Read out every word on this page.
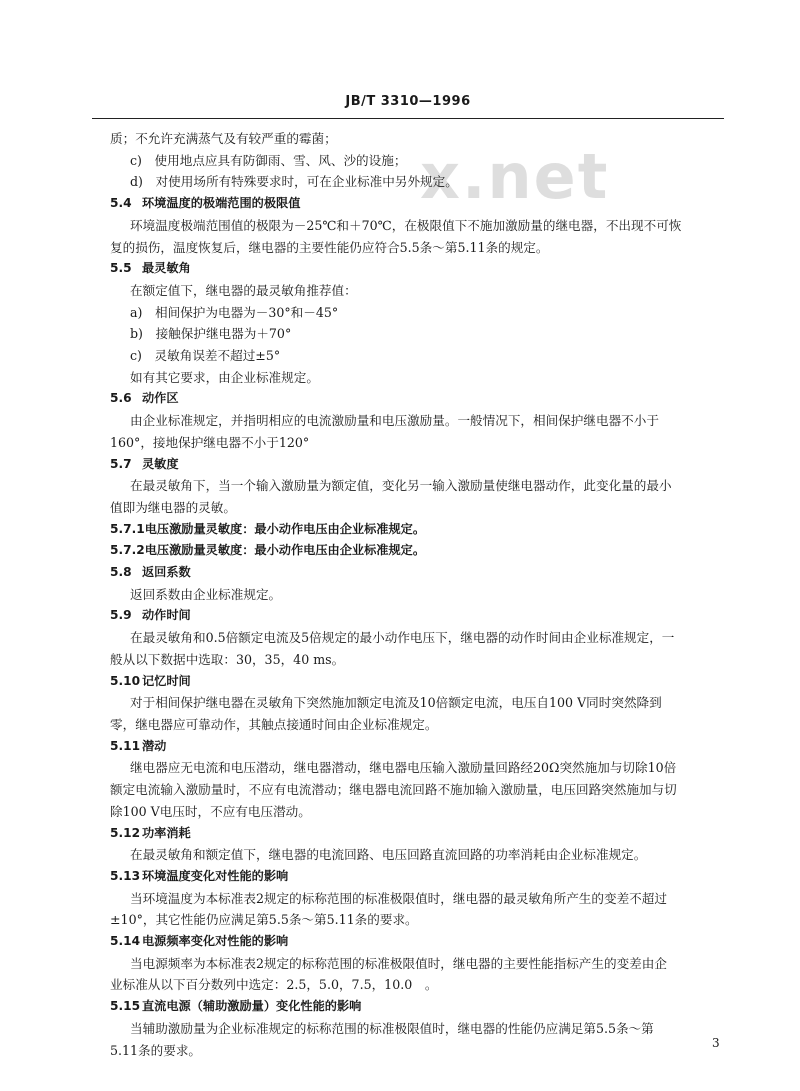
JB/T 3310—1996
x.net

质；不允许充满蒸气及有较严重的霉菌；

c)　使用地点应具有防御雨、雪、风、沙的设施；

d)　对使用场所有特殊要求时，可在企业标准中另外规定。

5.4 环境温度的极端范围的极限值

环境温度极端范围值的极限为－25℃和＋70℃，在极限值下不施加激励量的继电器，不出现不可恢

复的损伤，温度恢复后，继电器的主要性能仍应符合5.5条～第5.11条的规定。

5.5 最灵敏角

在额定值下，继电器的最灵敏角推荐值：

a)　相间保护为电器为－30°和－45°

b)　接触保护继电器为＋70°

c)　灵敏角误差不超过±5°

如有其它要求，由企业标准规定。

5.6 动作区

由企业标准规定，并指明相应的电流激励量和电压激励量。一般情况下，相间保护继电器不小于

160°，接地保护继电器不小于120°

5.7 灵敏度

在最灵敏角下，当一个输入激励量为额定值，变化另一输入激励量使继电器动作，此变化量的最小

值即为继电器的灵敏。

5.7.1电压激励量灵敏度：最小动作电压由企业标准规定。

5.7.2电压激励量灵敏度：最小动作电压由企业标准规定。

5.8 返回系数

返回系数由企业标准规定。

5.9 动作时间

在最灵敏角和0.5倍额定电流及5倍规定的最小动作电压下，继电器的动作时间由企业标准规定，一

般从以下数据中选取：30，35，40 ms。

5.10 记忆时间

对于相间保护继电器在灵敏角下突然施加额定电流及10倍额定电流，电压自100 V同时突然降到

零，继电器应可靠动作，其触点接通时间由企业标准规定。

5.11 潜动

继电器应无电流和电压潜动，继电器潜动，继电器电压输入激励量回路经20Ω突然施加与切除10倍

额定电流输入激励量时，不应有电流潜动；继电器电流回路不施加输入激励量，电压回路突然施加与切

除100 V电压时，不应有电压潜动。

5.12 功率消耗

在最灵敏角和额定值下，继电器的电流回路、电压回路直流回路的功率消耗由企业标准规定。

5.13 环境温度变化对性能的影响

当环境温度为本标准表2规定的标称范围的标准极限值时，继电器的最灵敏角所产生的变差不超过

±10°，其它性能仍应满足第5.5条～第5.11条的要求。

5.14 电源频率变化对性能的影响

当电源频率为本标准表2规定的标称范围的标准极限值时，继电器的主要性能指标产生的变差由企

业标准从以下百分数列中选定：2.5，5.0，7.5，10.0　。

5.15 直流电源（辅助激励量）变化性能的影响

当辅助激励量为企业标准规定的标称范围的标准极限值时，继电器的性能仍应满足第5.5条～第

5.11条的要求。	3
